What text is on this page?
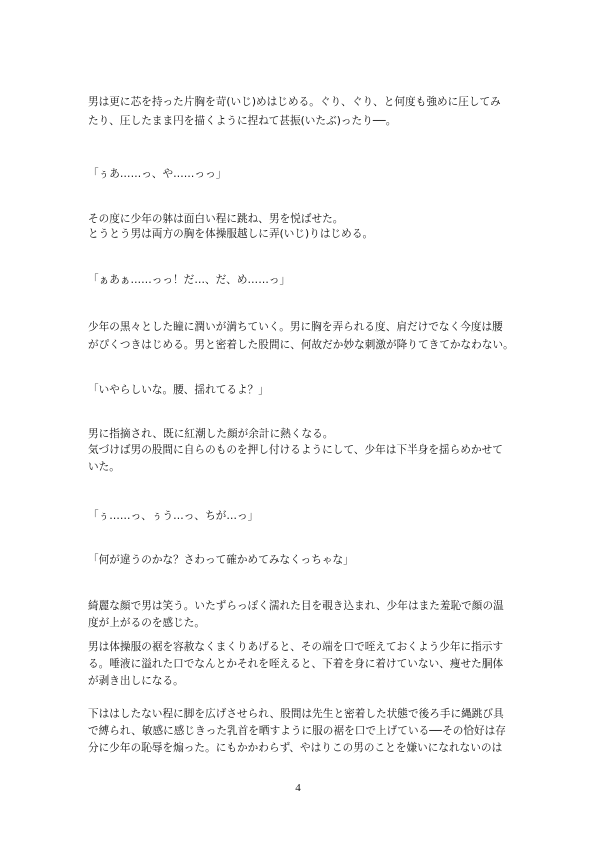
男は更に芯を持った片胸を苛(いじ)めはじめる。ぐり、ぐり、と何度も強めに圧してみ
たり、圧したまま円を描くように捏ねて甚振(いたぶ)ったり──。
「ぅあ……っ、や……っっ」
その度に少年の躰は面白い程に跳ね、男を悦ばせた。
とうとう男は両方の胸を体操服越しに弄(いじ)りはじめる。
「ぁあぁ……っっ！だ…、だ、め……っ」
少年の黒々とした瞳に潤いが満ちていく。男に胸を弄られる度、肩だけでなく今度は腰
がぴくつきはじめる。男と密着した股間に、何故だか妙な刺激が降りてきてかなわない。
「いやらしいな。腰、揺れてるよ？」
男に指摘され、既に紅潮した顔が余計に熱くなる。
気づけば男の股間に自らのものを押し付けるようにして、少年は下半身を揺らめかせて
いた。
「ぅ……っ、ぅう…っ、ちが…っ」
「何が違うのかな？さわって確かめてみなくっちゃな」
綺麗な顔で男は笑う。いたずらっぽく濡れた目を覗き込まれ、少年はまた羞恥で顔の温
度が上がるのを感じた。
男は体操服の裾を容赦なくまくりあげると、その端を口で咥えておくよう少年に指示す
る。唾液に溢れた口でなんとかそれを咥えると、下着を身に着けていない、痩せた胴体
が剥き出しになる。
下ははしたない程に脚を広げさせられ、股間は先生と密着した状態で後ろ手に縄跳び具
で縛られ、敏感に感じきった乳首を晒すように服の裾を口で上げている──その恰好は存
分に少年の恥辱を煽った。にもかかわらず、やはりこの男のことを嫌いになれないのは
4
